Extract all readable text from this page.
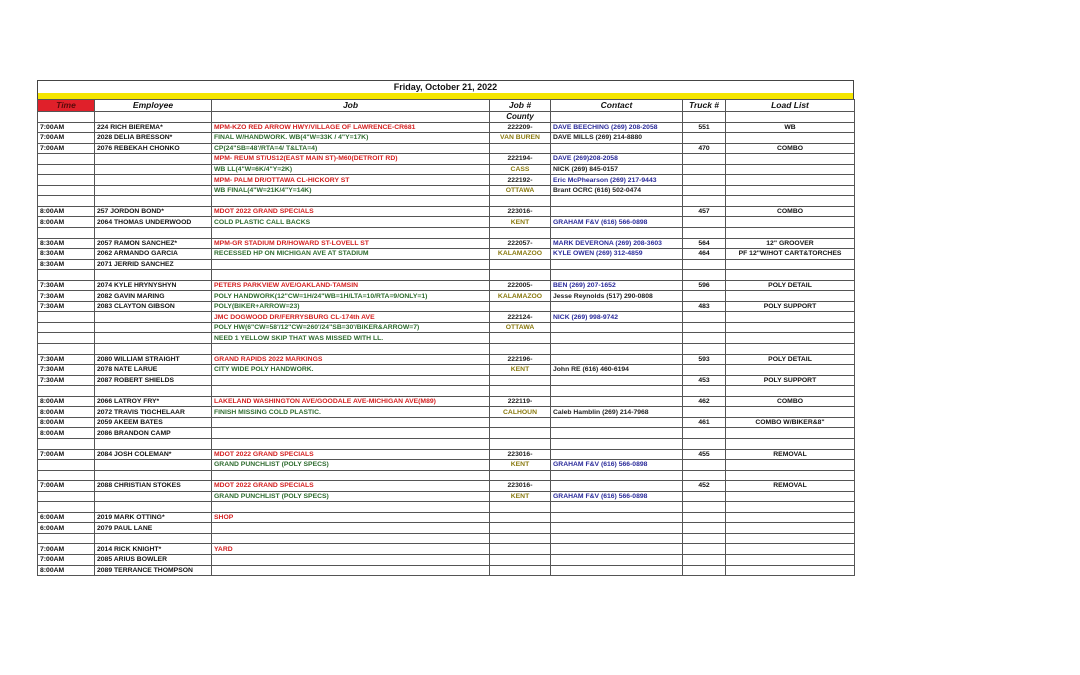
Friday, October 21, 2022
Time	Employee	Job	Job #	Contact	Truck #	Load List
			County			
7:00AM	224 RICH BIEREMA*	MPM-KZO RED ARROW HWY/VILLAGE OF LAWRENCE-CR681	222209-	DAVE BEECHING (269) 208-2058	551	WB
7:00AM	2028 DELIA BRESSON*	FINAL W/HANDWORK. WB(4"W=33K / 4"Y=17K)	VAN BUREN	DAVE MILLS (269) 214-8880		
7:00AM	2076 REBEKAH CHONKO	CP(24"SB=48'/RTA=4/ T&LTA=4)			470	COMBO
		MPM- REUM ST/US12(EAST MAIN ST)-M60(DETROIT RD)	222194-	DAVE (269)208-2058		
		WB LL(4"W=6K/4"Y=2K)	CASS	NICK (269) 845-0157		
		MPM- PALM DR/OTTAWA CL-HICKORY ST	222192-	Eric McPhearson (269) 217-9443		
		WB FINAL(4"W=21K/4"Y=14K)	OTTAWA	Brant OCRC (616) 502-0474		

8:00AM	257 JORDON BOND*	MDOT 2022 GRAND SPECIALS	223016-		457	COMBO
8:00AM	2064 THOMAS UNDERWOOD	COLD PLASTIC CALL BACKS	KENT	GRAHAM F&V (616) 566-0898		

8:30AM	2057 RAMON SANCHEZ*	MPM-GR STADIUM DR/HOWARD ST-LOVELL ST	222057-	MARK DEVERONA (269) 208-3603	564	12" GROOVER
8:30AM	2062 ARMANDO GARCIA	RECESSED HP ON MICHIGAN AVE AT STADIUM	KALAMAZOO	KYLE OWEN (269) 312-4859	464	PF 12"W/HOT CART&TORCHES
8:30AM	2071 JERRID SANCHEZ					

7:30AM	2074 KYLE HRYNYSHYN	PETERS PARKVIEW AVE/OAKLAND-TAMSIN	222005-	BEN (269) 207-1652	596	POLY DETAIL
7:30AM	2082 GAVIN MARING	POLY HANDWORK(12"CW=1H/24"WB=1H/LTA=10/RTA=9/ONLY=1)	KALAMAZOO	Jesse Reynolds (517) 290-0808		
7:30AM	2083 CLAYTON GIBSON	POLY(BIKER+ARROW=23)			483	POLY SUPPORT
		JMC DOGWOOD DR/FERRYSBURG CL-174th AVE	222124-	NICK (269) 998-9742		
		POLY HW(6"CW=58'/12"CW=260'/24"SB=30'/BIKER&ARROW=7)	OTTAWA			
		NEED 1 YELLOW SKIP THAT WAS MISSED WITH LL.				

7:30AM	2080 WILLIAM STRAIGHT	GRAND RAPIDS 2022 MARKINGS	222196-		593	POLY DETAIL
7:30AM	2078 NATE LARUE	CITY WIDE POLY HANDWORK.	KENT	John RE (616) 460-6194		
7:30AM	2087 ROBERT SHIELDS				453	POLY SUPPORT

8:00AM	2066 LATROY FRY*	LAKELAND WASHINGTON AVE/GOODALE AVE-MICHIGAN AVE(M89)	222119-		462	COMBO
8:00AM	2072 TRAVIS TIGCHELAAR	FINISH MISSING COLD PLASTIC.	CALHOUN	Caleb Hamblin (269) 214-7968		
8:00AM	2059 AKEEM BATES				461	COMBO W/BIKER&8"
8:00AM	2086 BRANDON CAMP					

7:00AM	2084 JOSH COLEMAN*	MDOT 2022 GRAND SPECIALS	223016-		455	REMOVAL
		GRAND PUNCHLIST (POLY SPECS)	KENT	GRAHAM F&V (616) 566-0898		

7:00AM	2088 CHRISTIAN STOKES	MDOT 2022 GRAND SPECIALS	223016-		452	REMOVAL
		GRAND PUNCHLIST (POLY SPECS)	KENT	GRAHAM F&V (616) 566-0898		

6:00AM	2019 MARK OTTING*	SHOP				
6:00AM	2079 PAUL LANE					

7:00AM	2014 RICK KNIGHT*	YARD				
7:00AM	2085 ARIUS BOWLER					
8:00AM	2089 TERRANCE THOMPSON					
